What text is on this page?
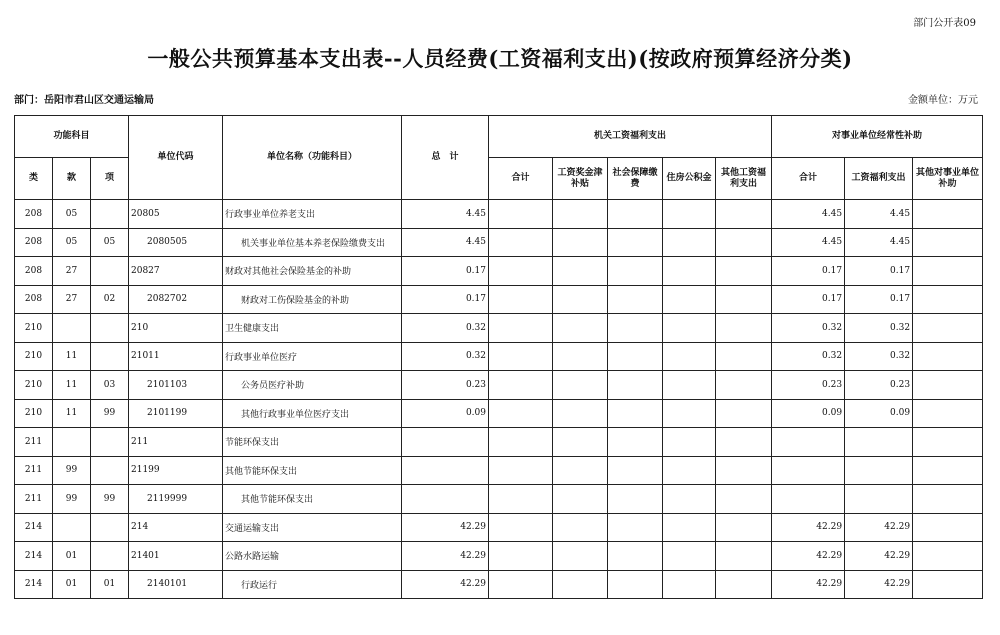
部门公开表09
一般公共预算基本支出表--人员经费(工资福利支出)(按政府预算经济分类)
部门：岳阳市君山区交通运输局	金额单位：万元
功能科目			单位代码	单位名称（功能科目）	总　计	机关工资福利支出					对事业单位经常性补助		
类	款	项				合计	工资奖金津补贴	社会保障缴费	住房公积金	其他工资福利支出	合计	工资福利支出	其他对事业单位补助
208	05		20805	行政事业单位养老支出	4.45						4.45	4.45	
208	05	05	2080505	机关事业单位基本养老保险缴费支出	4.45						4.45	4.45	
208	27		20827	财政对其他社会保险基金的补助	0.17						0.17	0.17	
208	27	02	2082702	财政对工伤保险基金的补助	0.17						0.17	0.17	
210			210	卫生健康支出	0.32						0.32	0.32	
210	11		21011	行政事业单位医疗	0.32						0.32	0.32	
210	11	03	2101103	公务员医疗补助	0.23						0.23	0.23	
210	11	99	2101199	其他行政事业单位医疗支出	0.09						0.09	0.09	
211			211	节能环保支出									
211	99		21199	其他节能环保支出									
211	99	99	2119999	其他节能环保支出									
214			214	交通运输支出	42.29						42.29	42.29	
214	01		21401	公路水路运输	42.29						42.29	42.29	
214	01	01	2140101	行政运行	42.29						42.29	42.29	
